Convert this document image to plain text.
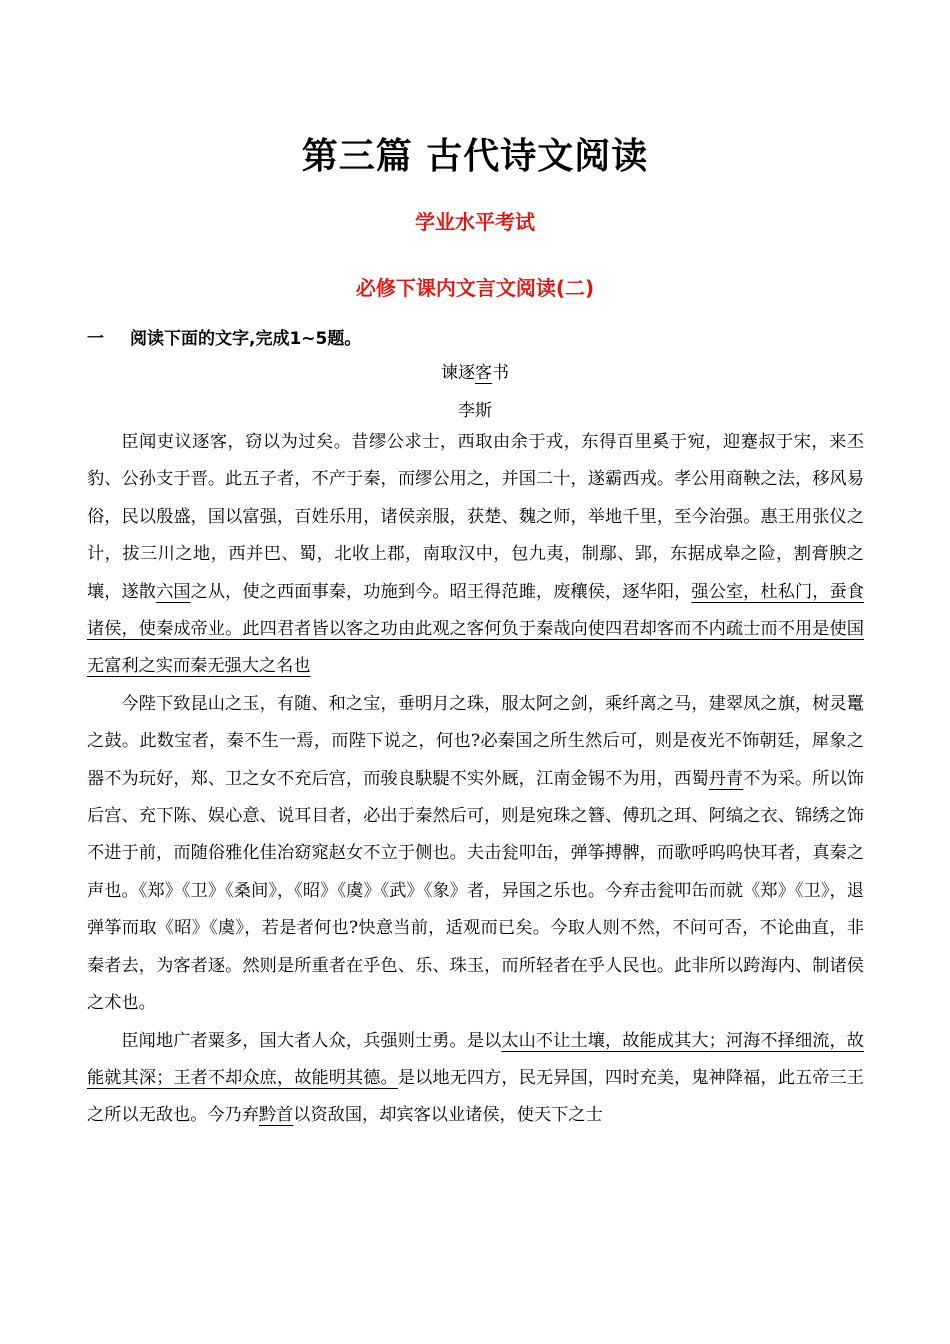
第三篇 古代诗文阅读
学业水平考试
必修下课内文言文阅读(二)
一 阅读下面的文字,完成1~5题。
谏逐客书
李斯

臣闻吏议逐客，窃以为过矣。昔缪公求士，西取由余于戎，东得百里奚于宛，迎蹇叔于宋，来丕豹、公孙支于晋。此五子者，不产于秦，而缪公用之，并国二十，遂霸西戎。孝公用商鞅之法，移风易俗，民以殷盛，国以富强，百姓乐用，诸侯亲服，获楚、魏之师，举地千里，至今治强。惠王用张仪之计，拔三川之地，西并巴、蜀，北收上郡，南取汉中，包九夷，制鄢、郢，东据成皋之险，割膏腴之壤，遂散六国之从，使之西面事秦，功施到今。昭王得范雎，废穰侯，逐华阳，强公室，杜私门，蚕食诸侯，使秦成帝业。此四君者皆以客之功由此观之客何负于秦哉向使四君却客而不内疏士而不用是使国无富利之实而秦无强大之名也

今陛下致昆山之玉，有随、和之宝，垂明月之珠，服太阿之剑，乘纤离之马，建翠凤之旗，树灵鼍之鼓。此数宝者，秦不生一焉，而陛下说之，何也?必秦国之所生然后可，则是夜光不饰朝廷，犀象之器不为玩好，郑、卫之女不充后宫，而骏良駃騠不实外厩，江南金锡不为用，西蜀丹青不为采。所以饰后宫、充下陈、娱心意、说耳目者，必出于秦然后可，则是宛珠之簪、傅玑之珥、阿缟之衣、锦绣之饰不进于前，而随俗雅化佳冶窈窕赵女不立于侧也。夫击瓮叩缶，弹筝搏髀，而歌呼呜呜快耳者，真秦之声也。《郑》《卫》《桑间》，《昭》《虞》《武》《象》者，异国之乐也。今弃击瓮叩缶而就《郑》《卫》，退弹筝而取《昭》《虞》，若是者何也?快意当前，适观而已矣。今取人则不然，不问可否，不论曲直，非秦者去，为客者逐。然则是所重者在乎色、乐、珠玉，而所轻者在乎人民也。此非所以跨海内、制诸侯之术也。

臣闻地广者粟多，国大者人众，兵强则士勇。是以太山不让土壤，故能成其大；河海不择细流，故能就其深；王者不却众庶，故能明其德。是以地无四方，民无异国，四时充美，鬼神降福，此五帝三王之所以无敌也。今乃弃黔首以资敌国，却宾客以业诸侯，使天下之士
